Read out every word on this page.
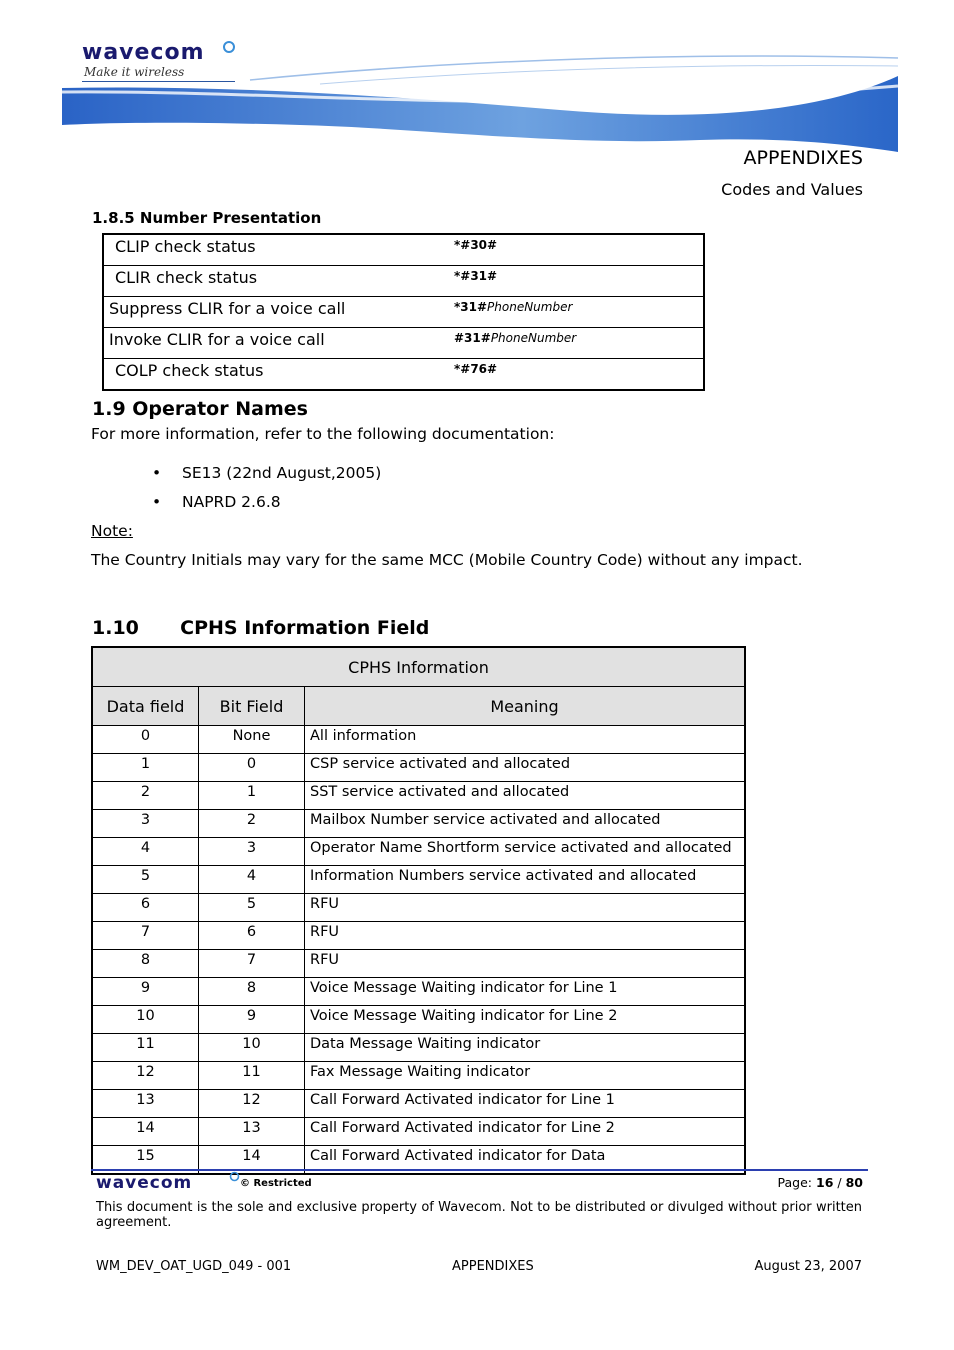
wavecom
Make it wireless
APPENDIXES
Codes and Values
1.8.5 Number Presentation
CLIP check status	*#30#
CLIR check status	*#31#
Suppress CLIR for a voice call	*31#PhoneNumber
Invoke CLIR for a voice call	#31#PhoneNumber
COLP check status	*#76#
1.9 Operator Names
For more information, refer to the following documentation:
• SE13 (22nd August,2005)
• NAPRD 2.6.8
Note:
The Country Initials may vary for the same MCC (Mobile Country Code) without any impact.
1.10 CPHS Information Field
CPHS Information		
Data field	Bit Field	Meaning
0	None	All information
1	0	CSP service activated and allocated
2	1	SST service activated and allocated
3	2	Mailbox Number service activated and allocated
4	3	Operator Name Shortform service activated and allocated
5	4	Information Numbers service activated and allocated
6	5	RFU
7	6	RFU
8	7	RFU
9	8	Voice Message Waiting indicator for Line 1
10	9	Voice Message Waiting indicator for Line 2
11	10	Data Message Waiting indicator
12	11	Fax Message Waiting indicator
13	12	Call Forward Activated indicator for Line 1
14	13	Call Forward Activated indicator for Line 2
15	14	Call Forward Activated indicator for Data
wavecom	© Restricted	Page: 16 / 80
This document is the sole and exclusive property of Wavecom. Not to be distributed or divulged without prior written agreement.
WM_DEV_OAT_UGD_049 - 001	APPENDIXES	August 23, 2007
